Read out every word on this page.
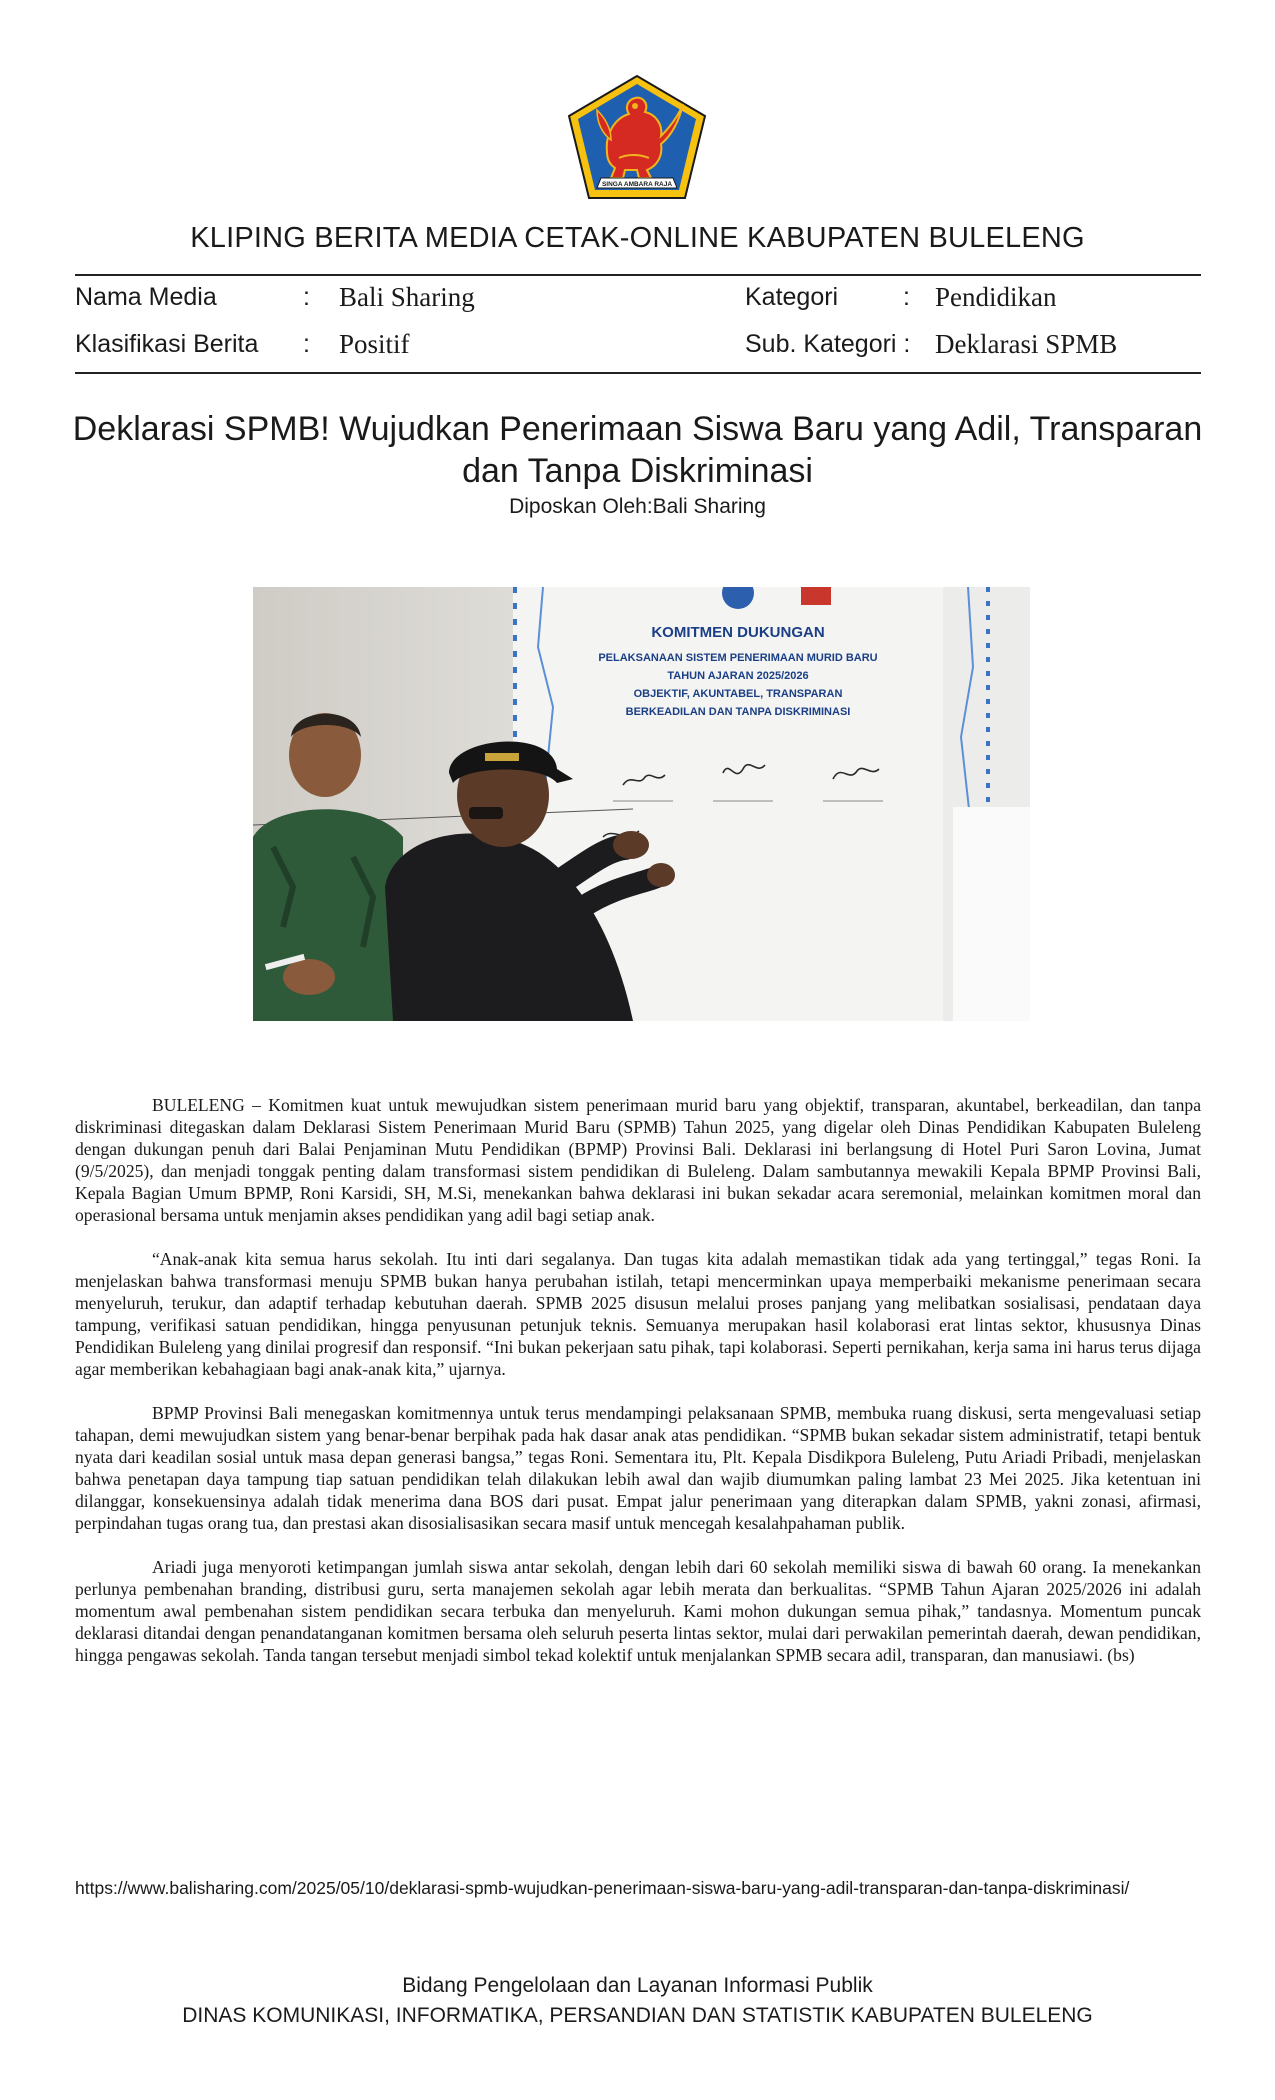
SINGA AMBARA RAJA
KLIPING BERITA MEDIA CETAK-ONLINE KABUPATEN BULELENG
Nama Media	: Bali Sharing
Klasifikasi Berita : Positif
Kategori	: Pendidikan
Sub. Kategori : Deklarasi SPMB
Deklarasi SPMB! Wujudkan Penerimaan Siswa Baru yang Adil, Transparan dan Tanpa Diskriminasi
Diposkan Oleh:Bali Sharing
KOMITMEN DUKUNGAN
PELAKSANAAN SISTEM PENERIMAAN MURID BARU
TAHUN AJARAN 2025/2026
OBJEKTIF, AKUNTABEL, TRANSPARAN
BERKEADILAN DAN TANPA DISKRIMINASI

BULELENG – Komitmen kuat untuk mewujudkan sistem penerimaan murid baru yang objektif, transparan, akuntabel, berkeadilan, dan tanpa diskriminasi ditegaskan dalam Deklarasi Sistem Penerimaan Murid Baru (SPMB) Tahun 2025, yang digelar oleh Dinas Pendidikan Kabupaten Buleleng dengan dukungan penuh dari Balai Penjaminan Mutu Pendidikan (BPMP) Provinsi Bali. Deklarasi ini berlangsung di Hotel Puri Saron Lovina, Jumat (9/5/2025), dan menjadi tonggak penting dalam transformasi sistem pendidikan di Buleleng. Dalam sambutannya mewakili Kepala BPMP Provinsi Bali, Kepala Bagian Umum BPMP, Roni Karsidi, SH, M.Si, menekankan bahwa deklarasi ini bukan sekadar acara seremonial, melainkan komitmen moral dan operasional bersama untuk menjamin akses pendidikan yang adil bagi setiap anak.

“Anak-anak kita semua harus sekolah. Itu inti dari segalanya. Dan tugas kita adalah memastikan tidak ada yang tertinggal,” tegas Roni. Ia menjelaskan bahwa transformasi menuju SPMB bukan hanya perubahan istilah, tetapi mencerminkan upaya memperbaiki mekanisme penerimaan secara menyeluruh, terukur, dan adaptif terhadap kebutuhan daerah. SPMB 2025 disusun melalui proses panjang yang melibatkan sosialisasi, pendataan daya tampung, verifikasi satuan pendidikan, hingga penyusunan petunjuk teknis. Semuanya merupakan hasil kolaborasi erat lintas sektor, khususnya Dinas Pendidikan Buleleng yang dinilai progresif dan responsif. “Ini bukan pekerjaan satu pihak, tapi kolaborasi. Seperti pernikahan, kerja sama ini harus terus dijaga agar memberikan kebahagiaan bagi anak-anak kita,” ujarnya.

BPMP Provinsi Bali menegaskan komitmennya untuk terus mendampingi pelaksanaan SPMB, membuka ruang diskusi, serta mengevaluasi setiap tahapan, demi mewujudkan sistem yang benar-benar berpihak pada hak dasar anak atas pendidikan. “SPMB bukan sekadar sistem administratif, tetapi bentuk nyata dari keadilan sosial untuk masa depan generasi bangsa,” tegas Roni. Sementara itu, Plt. Kepala Disdikpora Buleleng, Putu Ariadi Pribadi, menjelaskan bahwa penetapan daya tampung tiap satuan pendidikan telah dilakukan lebih awal dan wajib diumumkan paling lambat 23 Mei 2025. Jika ketentuan ini dilanggar, konsekuensinya adalah tidak menerima dana BOS dari pusat. Empat jalur penerimaan yang diterapkan dalam SPMB, yakni zonasi, afirmasi, perpindahan tugas orang tua, dan prestasi akan disosialisasikan secara masif untuk mencegah kesalahpahaman publik.

Ariadi juga menyoroti ketimpangan jumlah siswa antar sekolah, dengan lebih dari 60 sekolah memiliki siswa di bawah 60 orang. Ia menekankan perlunya pembenahan branding, distribusi guru, serta manajemen sekolah agar lebih merata dan berkualitas. “SPMB Tahun Ajaran 2025/2026 ini adalah momentum awal pembenahan sistem pendidikan secara terbuka dan menyeluruh. Kami mohon dukungan semua pihak,” tandasnya. Momentum puncak deklarasi ditandai dengan penandatanganan komitmen bersama oleh seluruh peserta lintas sektor, mulai dari perwakilan pemerintah daerah, dewan pendidikan, hingga pengawas sekolah. Tanda tangan tersebut menjadi simbol tekad kolektif untuk menjalankan SPMB secara adil, transparan, dan manusiawi. (bs)

https://www.balisharing.com/2025/05/10/deklarasi-spmb-wujudkan-penerimaan-siswa-baru-yang-adil-transparan-dan-tanpa-diskriminasi/
Bidang Pengelolaan dan Layanan Informasi Publik
DINAS KOMUNIKASI, INFORMATIKA, PERSANDIAN DAN STATISTIK KABUPATEN BULELENG
